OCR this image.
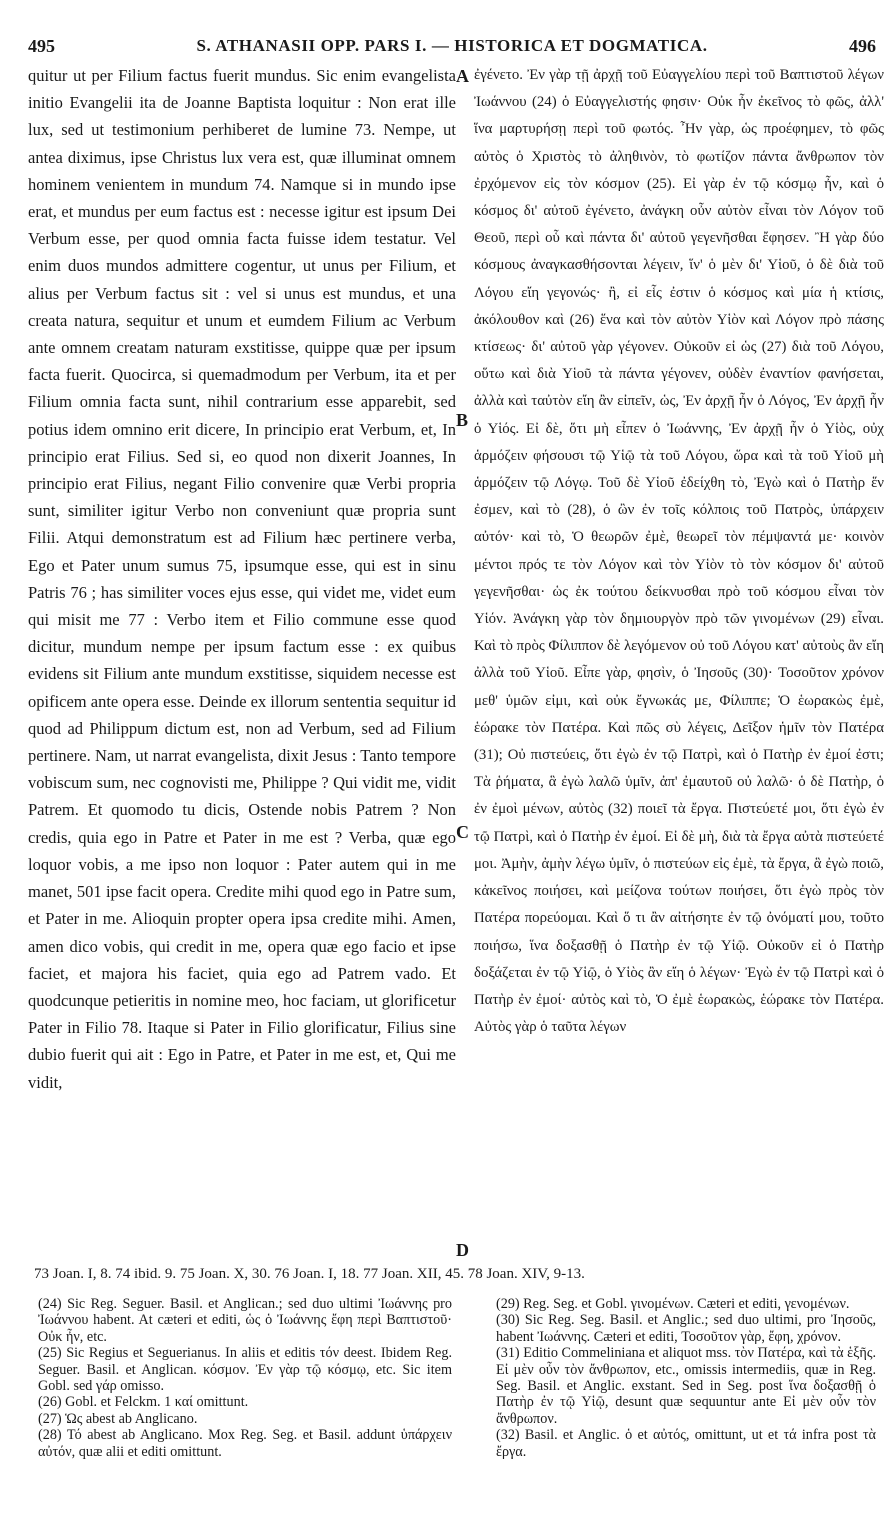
495	S. ATHANASII OPP. PARS I. — HISTORICA ET DOGMATICA.	496

quitur ut per Filium factus fuerit mundus. Sic enim evangelista initio Evangelii ita de Joanne Baptista loquitur : Non erat ille lux, sed ut testimonium perhiberet de lumine 73. Nempe, ut antea diximus, ipse Christus lux vera est, quæ illuminat omnem hominem venientem in mundum 74. Namque si in mundo ipse erat, et mundus per eum factus est : necesse igitur est ipsum Dei Verbum esse, per quod omnia facta fuisse idem testatur. Vel enim duos mundos admittere cogentur, ut unus per Filium, et alius per Verbum factus sit : vel si unus est mundus, et una creata natura, sequitur et unum et eumdem Filium ac Verbum ante omnem creatam naturam exstitisse, quippe quæ per ipsum facta fuerit. Quocirca, si quemadmodum per Verbum, ita et per Filium omnia facta sunt, nihil contrarium esse apparebit, sed potius idem omnino erit dicere, In principio erat Verbum, et, In principio erat Filius. Sed si, eo quod non dixerit Joannes, In principio erat Filius, negant Filio convenire quæ Verbi propria sunt, similiter igitur Verbo non conveniunt quæ propria sunt Filii. Atqui demonstratum est ad Filium hæc pertinere verba, Ego et Pater unum sumus 75, ipsumque esse, qui est in sinu Patris 76 ; has similiter voces ejus esse, qui videt me, videt eum qui misit me 77 : Verbo item et Filio commune esse quod dicitur, mundum nempe per ipsum factum esse : ex quibus evidens sit Filium ante mundum exstitisse, siquidem necesse est opificem ante opera esse. Deinde ex illorum sententia sequitur id quod ad Philippum dictum est, non ad Verbum, sed ad Filium pertinere. Nam, ut narrat evangelista, dixit Jesus : Tanto tempore vobiscum sum, nec cognovisti me, Philippe ? Qui vidit me, vidit Patrem. Et quomodo tu dicis, Ostende nobis Patrem ? Non credis, quia ego in Patre et Pater in me est ? Verba, quæ ego loquor vobis, a me ipso non loquor : Pater autem qui in me manet, 501 ipse facit opera. Credite mihi quod ego in Patre sum, et Pater in me. Alioquin propter opera ipsa credite mihi. Amen, amen dico vobis, qui credit in me, opera quæ ego facio et ipse faciet, et majora his faciet, quia ego ad Patrem vado. Et quodcunque petieritis in nomine meo, hoc faciam, ut glorificetur Pater in Filio 78. Itaque si Pater in Filio glorificatur, Filius sine dubio fuerit qui ait : Ego in Patre, et Pater in me est, et, Qui me vidit,

A
B
C
D

ἐγένετο. Ἐν γὰρ τῇ ἀρχῇ τοῦ Εὐαγγελίου περὶ τοῦ Βαπτιστοῦ λέγων Ἰωάννου (24) ὁ Εὐαγγελιστής φησιν· Οὐκ ἦν ἐκεῖνος τὸ φῶς, ἀλλ' ἵνα μαρτυρήσῃ περὶ τοῦ φωτός. Ἦν γὰρ, ὡς προέφημεν, τὸ φῶς αὐτὸς ὁ Χριστὸς τὸ ἀληθινὸν, τὸ φωτίζον πάντα ἄνθρωπον τὸν ἐρχόμενον εἰς τὸν κόσμον (25). Εἰ γὰρ ἐν τῷ κόσμῳ ἦν, καὶ ὁ κόσμος δι' αὐτοῦ ἐγένετο, ἀνάγκη οὖν αὐτὸν εἶναι τὸν Λόγον τοῦ Θεοῦ, περὶ οὗ καὶ πάντα δι' αὐτοῦ γεγενῆσθαι ἔφησεν. Ἢ γὰρ δύο κόσμους ἀναγκασθήσονται λέγειν, ἵν' ὁ μὲν δι' Υἱοῦ, ὁ δὲ διὰ τοῦ Λόγου εἴη γεγονώς· ἢ, εἰ εἷς ἐστιν ὁ κόσμος καὶ μία ἡ κτίσις, ἀκόλουθον καὶ (26) ἕνα καὶ τὸν αὐτὸν Υἱὸν καὶ Λόγον πρὸ πάσης κτίσεως· δι' αὐτοῦ γὰρ γέγονεν. Οὐκοῦν εἰ ὡς (27) διὰ τοῦ Λόγου, οὕτω καὶ διὰ Υἱοῦ τὰ πάντα γέγονεν, οὐδὲν ἐναντίον φανήσεται, ἀλλὰ καὶ ταὐτὸν εἴη ἂν εἰπεῖν, ὡς, Ἐν ἀρχῇ ἦν ὁ Λόγος, Ἐν ἀρχῇ ἦν ὁ Υἱός. Εἰ δὲ, ὅτι μὴ εἶπεν ὁ Ἰωάννης, Ἐν ἀρχῇ ἦν ὁ Υἱὸς, οὐχ ἁρμόζειν φήσουσι τῷ Υἱῷ τὰ τοῦ Λόγου, ὥρα καὶ τὰ τοῦ Υἱοῦ μὴ ἁρμόζειν τῷ Λόγῳ. Τοῦ δὲ Υἱοῦ ἐδείχθη τὸ, Ἐγὼ καὶ ὁ Πατὴρ ἕν ἐσμεν, καὶ τὸ (28), ὁ ὢν ἐν τοῖς κόλποις τοῦ Πατρὸς, ὑπάρχειν αὐτόν· καὶ τὸ, Ὁ θεωρῶν ἐμὲ, θεωρεῖ τὸν πέμψαντά με· κοινὸν μέντοι πρός τε τὸν Λόγον καὶ τὸν Υἱὸν τὸ τὸν κόσμον δι' αὐτοῦ γεγενῆσθαι· ὡς ἐκ τούτου δείκνυσθαι πρὸ τοῦ κόσμου εἶναι τὸν Υἱόν. Ἀνάγκη γὰρ τὸν δημιουργὸν πρὸ τῶν γινομένων (29) εἶναι. Καὶ τὸ πρὸς Φίλιππον δὲ λεγόμενον οὐ τοῦ Λόγου κατ' αὐτοὺς ἂν εἴη ἀλλὰ τοῦ Υἱοῦ. Εἶπε γὰρ, φησὶν, ὁ Ἰησοῦς (30)· Τοσοῦτον χρόνον μεθ' ὑμῶν εἰμι, καὶ οὐκ ἔγνωκάς με, Φίλιππε; Ὁ ἑωρακὼς ἐμὲ, ἑώρακε τὸν Πατέρα. Καὶ πῶς σὺ λέγεις, Δεῖξον ἡμῖν τὸν Πατέρα (31); Οὐ πιστεύεις, ὅτι ἐγὼ ἐν τῷ Πατρὶ, καὶ ὁ Πατὴρ ἐν ἐμοί ἐστι; Τὰ ῥήματα, ἃ ἐγὼ λαλῶ ὑμῖν, ἀπ' ἐμαυτοῦ οὐ λαλῶ· ὁ δὲ Πατὴρ, ὁ ἐν ἐμοὶ μένων, αὐτὸς (32) ποιεῖ τὰ ἔργα. Πιστεύετέ μοι, ὅτι ἐγὼ ἐν τῷ Πατρὶ, καὶ ὁ Πατὴρ ἐν ἐμοί. Εἰ δὲ μὴ, διὰ τὰ ἔργα αὐτὰ πιστεύετέ μοι. Ἀμὴν, ἀμὴν λέγω ὑμῖν, ὁ πιστεύων εἰς ἐμὲ, τὰ ἔργα, ἃ ἐγὼ ποιῶ, κἀκεῖνος ποιήσει, καὶ μείζονα τούτων ποιήσει, ὅτι ἐγὼ πρὸς τὸν Πατέρα πορεύομαι. Καὶ ὅ τι ἂν αἰτήσητε ἐν τῷ ὀνόματί μου, τοῦτο ποιήσω, ἵνα δοξασθῇ ὁ Πατὴρ ἐν τῷ Υἱῷ. Οὐκοῦν εἰ ὁ Πατὴρ δοξάζεται ἐν τῷ Υἱῷ, ὁ Υἱὸς ἂν εἴη ὁ λέγων· Ἐγὼ ἐν τῷ Πατρὶ καὶ ὁ Πατὴρ ἐν ἐμοί· αὐτὸς καὶ τὸ, Ὁ ἐμὲ ἑωρακὼς, ἑώρακε τὸν Πατέρα. Αὐτὸς γὰρ ὁ ταῦτα λέγων

73 Joan. I, 8. 74 ibid. 9. 75 Joan. X, 30. 76 Joan. I, 18. 77 Joan. XII, 45. 78 Joan. XIV, 9-13.

(24) Sic Reg. Seguer. Basil. et Anglican.; sed duo ultimi Ἰωάννης pro Ἰωάννου habent. At cæteri et editi, ὡς ὁ Ἰωάννης ἔφη περὶ Βαπτιστοῦ· Οὐκ ἦν, etc.

(25) Sic Regius et Seguerianus. In aliis et editis τόν deest. Ibidem Reg. Seguer. Basil. et Anglican. κόσμον. Ἐν γὰρ τῷ κόσμῳ, etc. Sic item Gobl. sed γάρ omisso.

(26) Gobl. et Felckm. 1 καί omittunt.

(27) Ὡς abest ab Anglicano.

(28) Τό abest ab Anglicano. Mox Reg. Seg. et Basil. addunt ὑπάρχειν αὐτόν, quæ alii et editi omittunt.

(29) Reg. Seg. et Gobl. γινομένων. Cæteri et editi, γενομένων.

(30) Sic Reg. Seg. Basil. et Anglic.; sed duo ultimi, pro Ἰησοῦς, habent Ἰωάννης. Cæteri et editi, Τοσοῦτον γὰρ, ἔφη, χρόνον.

(31) Editio Commeliniana et aliquot mss. τὸν Πατέρα, καὶ τὰ ἑξῆς. Εἰ μὲν οὖν τὸν ἄνθρωπον, etc., omissis intermediis, quæ in Reg. Seg. Basil. et Anglic. exstant. Sed in Seg. post ἵνα δοξασθῇ ὁ Πατὴρ ἐν τῷ Υἱῷ, desunt quæ sequuntur ante Εἰ μὲν οὖν τὸν ἄνθρωπον.

(32) Basil. et Anglic. ὁ et αὐτός, omittunt, ut et τά infra post τὰ ἔργα.
